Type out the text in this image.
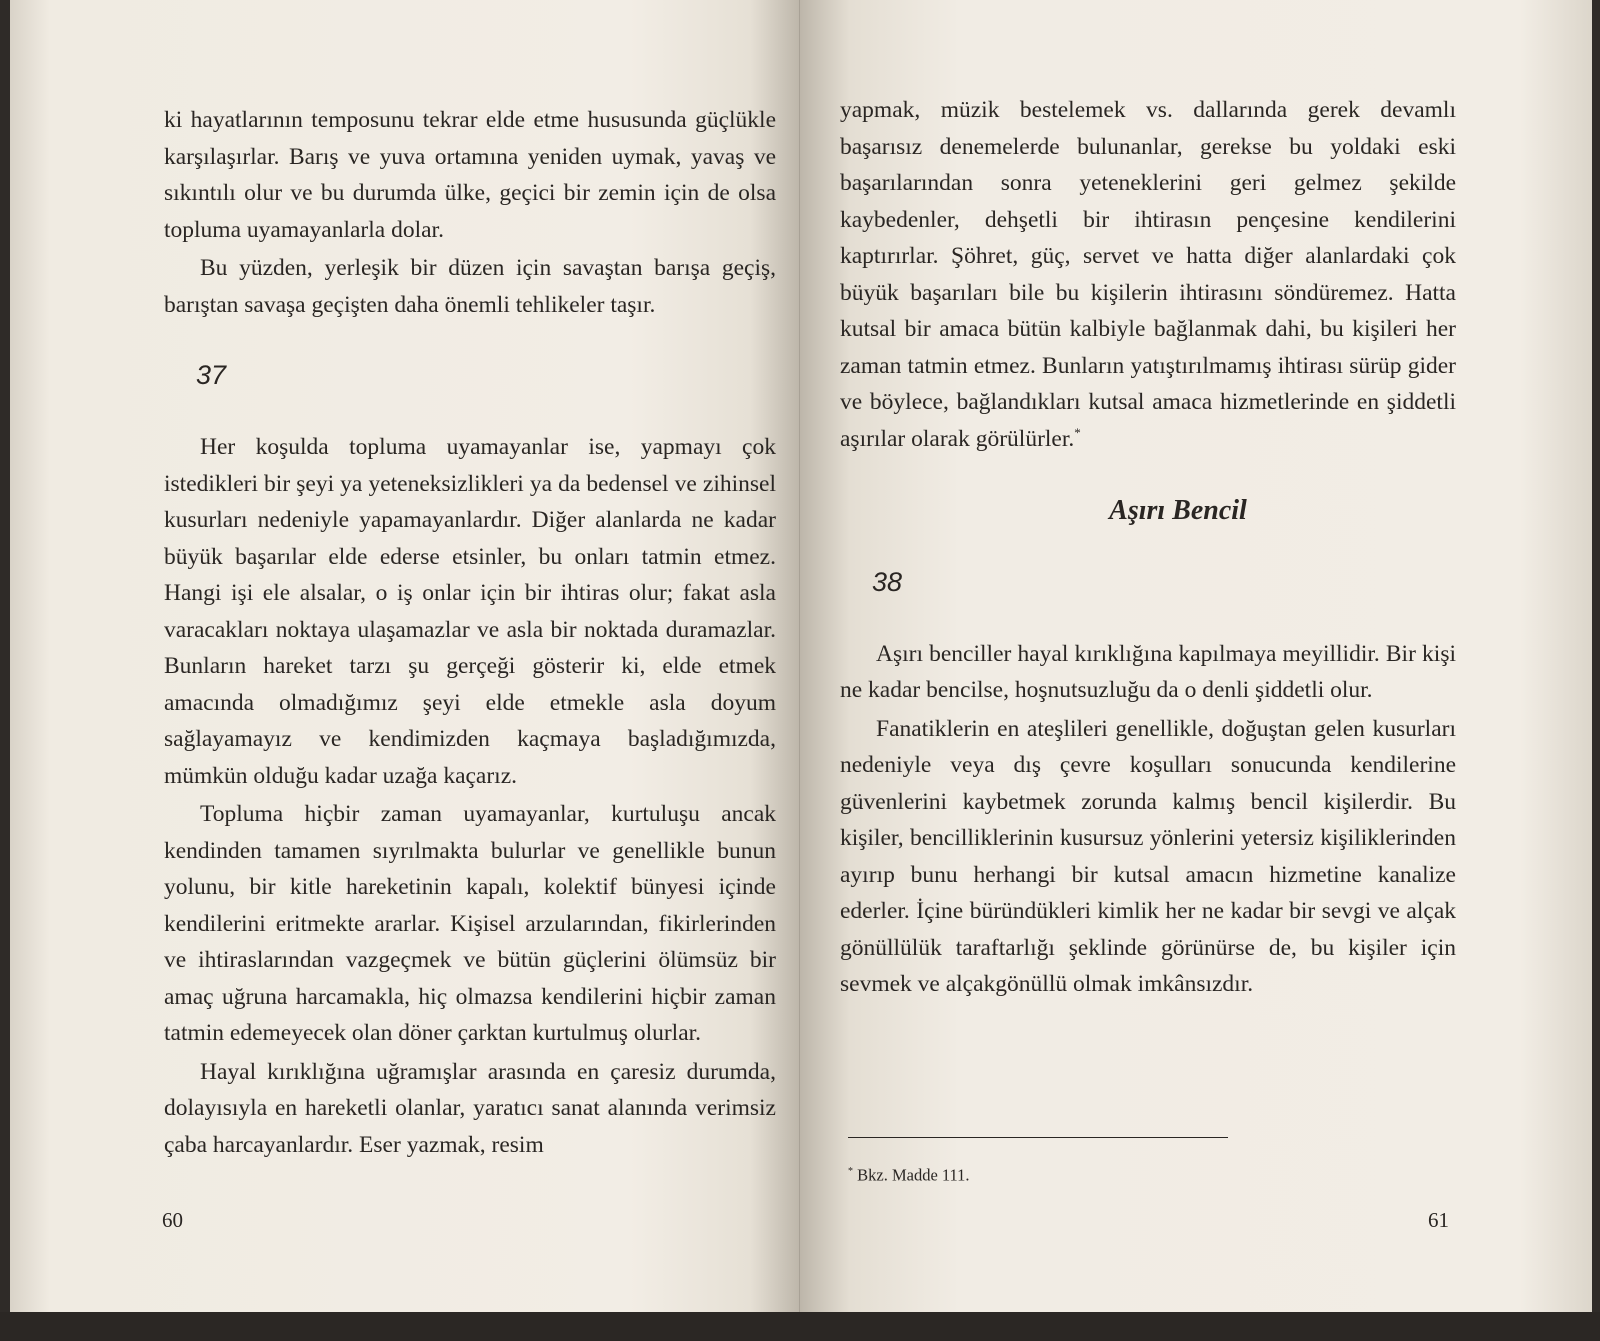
ki hayatlarının temposunu tekrar elde etme hususunda güçlükle karşılaşırlar. Barış ve yuva ortamına yeniden uymak, yavaş ve sıkıntılı olur ve bu durumda ülke, geçici bir zemin için de olsa topluma uyamayanlarla dolar.

Bu yüzden, yerleşik bir düzen için savaştan barışa geçiş, barıştan savaşa geçişten daha önemli tehlikeler taşır.

37

Her koşulda topluma uyamayanlar ise, yapmayı çok istedikleri bir şeyi ya yeteneksizlikleri ya da bedensel ve zihinsel kusurları nedeniyle yapamayanlardır. Diğer alanlarda ne kadar büyük başarılar elde ederse etsinler, bu onları tatmin etmez. Hangi işi ele alsalar, o iş onlar için bir ihtiras olur; fakat asla varacakları noktaya ulaşamazlar ve asla bir noktada duramazlar. Bunların hareket tarzı şu gerçeği gösterir ki, elde etmek amacında olmadığımız şeyi elde etmekle asla doyum sağlayamayız ve kendimizden kaçmaya başladığımızda, mümkün olduğu kadar uzağa kaçarız.

Topluma hiçbir zaman uyamayanlar, kurtuluşu ancak kendinden tamamen sıyrılmakta bulurlar ve genellikle bunun yolunu, bir kitle hareketinin kapalı, kolektif bünyesi içinde kendilerini eritmekte ararlar. Kişisel arzularından, fikirlerinden ve ihtiraslarından vazgeçmek ve bütün güçlerini ölümsüz bir amaç uğruna harcamakla, hiç olmazsa kendilerini hiçbir zaman tatmin edemeyecek olan döner çarktan kurtulmuş olurlar.

Hayal kırıklığına uğramışlar arasında en çaresiz durumda, dolayısıyla en hareketli olanlar, yaratıcı sanat alanında verimsiz çaba harcayanlardır. Eser yazmak, resim

60

yapmak, müzik bestelemek vs. dallarında gerek devamlı başarısız denemelerde bulunanlar, gerekse bu yoldaki eski başarılarından sonra yeteneklerini geri gelmez şekilde kaybedenler, dehşetli bir ihtirasın pençesine kendilerini kaptırırlar. Şöhret, güç, servet ve hatta diğer alanlardaki çok büyük başarıları bile bu kişilerin ihtirasını söndüremez. Hatta kutsal bir amaca bütün kalbiyle bağlanmak dahi, bu kişileri her zaman tatmin etmez. Bunların yatıştırılmamış ihtirası sürüp gider ve böylece, bağlandıkları kutsal amaca hizmetlerinde en şiddetli aşırılar olarak görülürler.*

Aşırı Bencil
38

Aşırı benciller hayal kırıklığına kapılmaya meyillidir. Bir kişi ne kadar bencilse, hoşnutsuzluğu da o denli şiddetli olur.

Fanatiklerin en ateşlileri genellikle, doğuştan gelen kusurları nedeniyle veya dış çevre koşulları sonucunda kendilerine güvenlerini kaybetmek zorunda kalmış bencil kişilerdir. Bu kişiler, bencilliklerinin kusursuz yönlerini yetersiz kişiliklerinden ayırıp bunu herhangi bir kutsal amacın hizmetine kanalize ederler. İçine büründükleri kimlik her ne kadar bir sevgi ve alçak gönüllülük taraftarlığı şeklinde görünürse de, bu kişiler için sevmek ve alçakgönüllü olmak imkânsızdır.

* Bkz. Madde 111.
61
